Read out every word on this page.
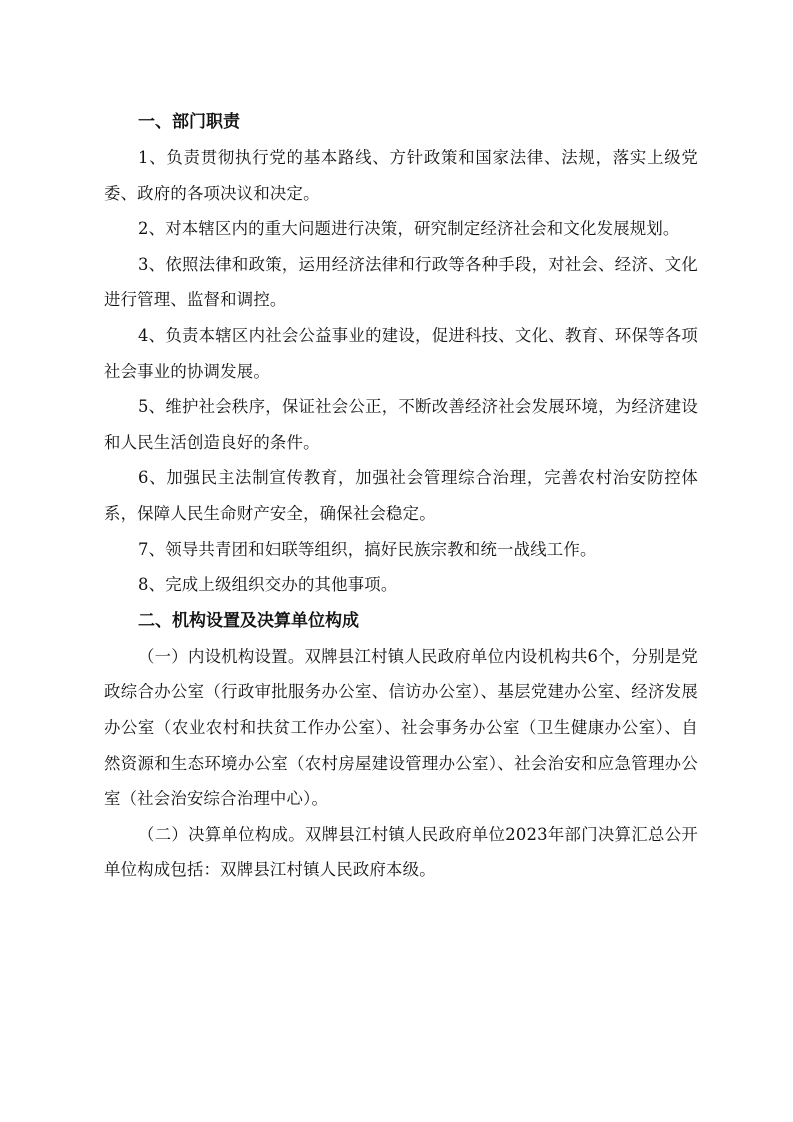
一、部门职责

1、负责贯彻执行党的基本路线、方针政策和国家法律、法规，落实上级党委、政府的各项决议和决定。

2、对本辖区内的重大问题进行决策，研究制定经济社会和文化发展规划。

3、依照法律和政策，运用经济法律和行政等各种手段，对社会、经济、文化进行管理、监督和调控。

4、负责本辖区内社会公益事业的建设，促进科技、文化、教育、环保等各项社会事业的协调发展。

5、维护社会秩序，保证社会公正，不断改善经济社会发展环境，为经济建设和人民生活创造良好的条件。

6、加强民主法制宣传教育，加强社会管理综合治理，完善农村治安防控体系，保障人民生命财产安全，确保社会稳定。

7、领导共青团和妇联等组织，搞好民族宗教和统一战线工作。

8、完成上级组织交办的其他事项。

二、机构设置及决算单位构成

（一）内设机构设置。双牌县江村镇人民政府单位内设机构共6个，分别是党政综合办公室（行政审批服务办公室、信访办公室）、基层党建办公室、经济发展办公室（农业农村和扶贫工作办公室）、社会事务办公室（卫生健康办公室）、自然资源和生态环境办公室（农村房屋建设管理办公室）、社会治安和应急管理办公室（社会治安综合治理中心）。

（二）决算单位构成。双牌县江村镇人民政府单位2023年部门决算汇总公开单位构成包括：双牌县江村镇人民政府本级。
